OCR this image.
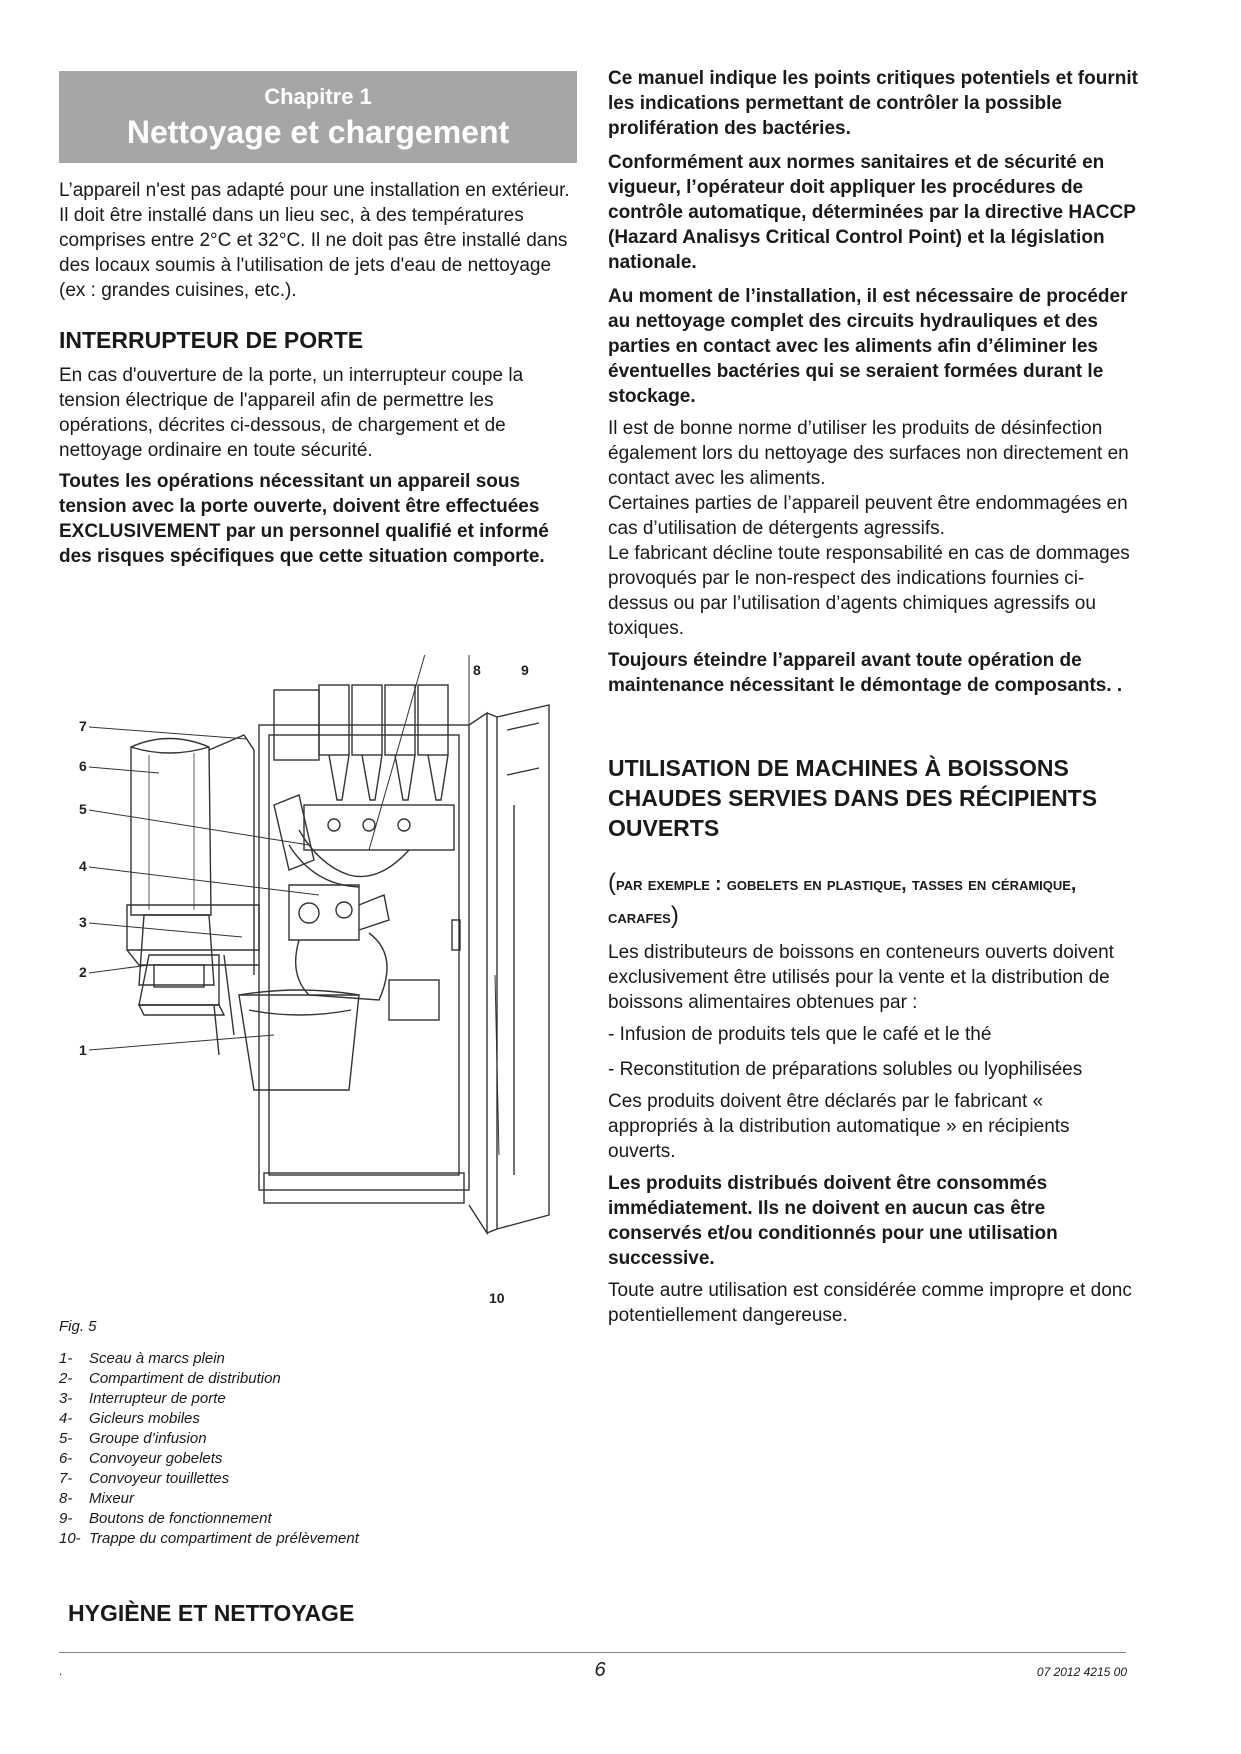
Chapitre 1
Nettoyage et chargement

L’appareil n'est pas adapté pour une installation en extérieur. Il doit être installé dans un lieu sec, à des températures comprises entre 2°C et 32°C. Il ne doit pas être installé dans des locaux soumis à l'utilisation de jets d'eau de nettoyage (ex : grandes cuisines, etc.).

INTERRUPTEUR DE PORTE

En cas d'ouverture de la porte, un interrupteur coupe la tension électrique de l'appareil afin de permettre les opérations, décrites ci-dessous, de chargement et de nettoyage ordinaire en toute sécurité.

Toutes les opérations nécessitant un appareil sous tension avec la porte ouverte, doivent être effectuées EXCLUSIVEMENT par un personnel qualifié et informé des risques spécifiques que cette situation comporte.

1
2
3
4
5
6
7
8	9
10
Fig. 5
1-	Sceau à marcs plein
2-	Compartiment de distribution
3-	Interrupteur de porte
4-	Gicleurs mobiles
5-	Groupe d’infusion
6-	Convoyeur gobelets
7-	Convoyeur touillettes
8-	Mixeur
9-	Boutons de fonctionnement
10- Trappe du compartiment de prélèvement

Ce manuel indique les points critiques potentiels et fournit les indications permettant de contrôler la possible prolifération des bactéries.

Conformément aux normes sanitaires et de sécurité en vigueur, l’opérateur doit appliquer les procédures de contrôle automatique, déterminées par la directive HACCP (Hazard Analisys Critical Control Point) et la législation nationale.

Au moment de l’installation, il est nécessaire de procéder au nettoyage complet des circuits hydrauliques et des parties en contact avec les aliments afin d’éliminer les éventuelles bactéries qui se seraient formées durant le stockage.

Il est de bonne norme d’utiliser les produits de désinfection également lors du nettoyage des surfaces non directement en contact avec les aliments.

Certaines parties de l’appareil peuvent être endommagées en cas d’utilisation de détergents agressifs.

Le fabricant décline toute responsabilité en cas de dommages provoqués par le non-respect des indications fournies ci-dessus ou par l’utilisation d’agents chimiques agressifs ou toxiques.

Toujours éteindre l’appareil avant toute opération de maintenance nécessitant le démontage de composants. .

UTILISATION DE MACHINES À BOISSONS CHAUDES SERVIES DANS DES RÉCIPIENTS OUVERTS

(par exemple : gobelets en plastique, tasses en céramique, carafes)

Les distributeurs de boissons en conteneurs ouverts doivent exclusivement être utilisés pour la vente et la distribution de boissons alimentaires obtenues par :

- Infusion de produits tels que le café et le thé

- Reconstitution de préparations solubles ou lyophilisées

Ces produits doivent être déclarés par le fabricant « appropriés à la distribution automatique » en récipients ouverts.

Les produits distribués doivent être consommés immédiatement. Ils ne doivent en aucun cas être conservés et/ou conditionnés pour une utilisation successive.

Toute autre utilisation est considérée comme impropre et donc potentiellement dangereuse.

HYGIÈNE ET NETTOYAGE
.	6	07 2012 4215 00
